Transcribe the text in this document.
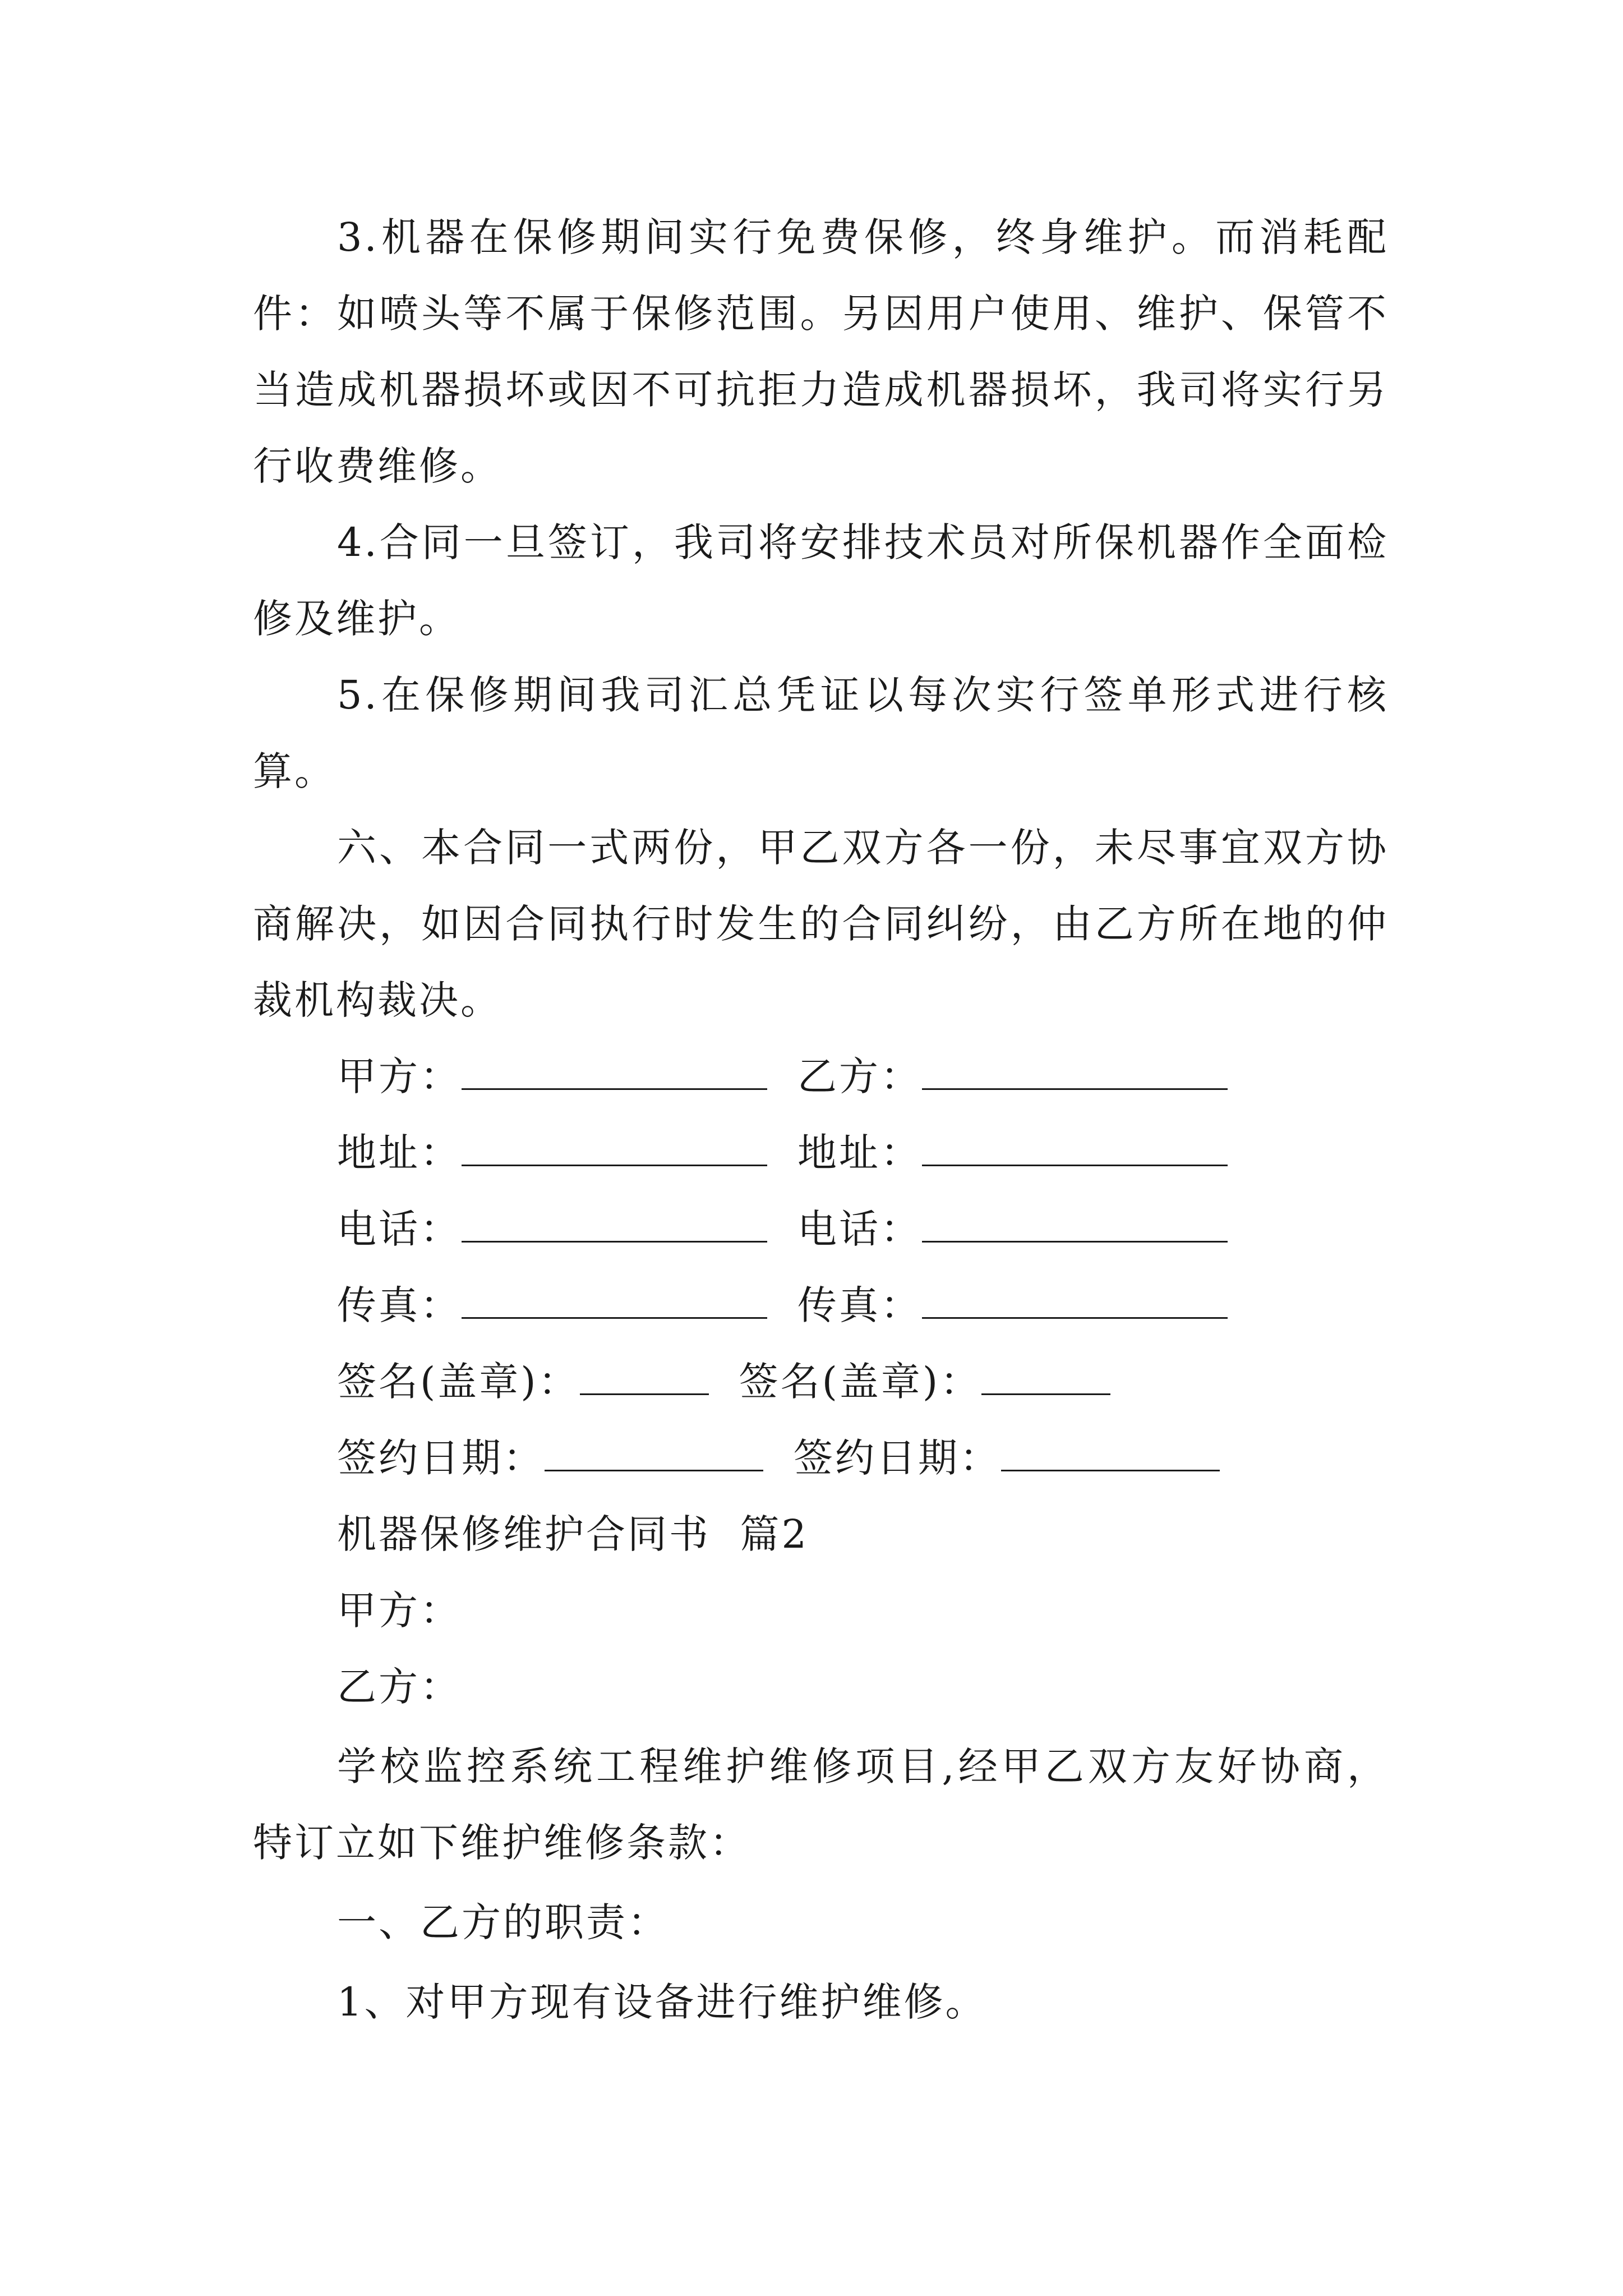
3.机器在保修期间实行免费保修，终身维护。而消耗配件：如喷头等不属于保修范围。另因用户使用、维护、保管不当造成机器损坏或因不可抗拒力造成机器损坏，我司将实行另行收费维修。

4.合同一旦签订，我司将安排技术员对所保机器作全面检修及维护。

5.在保修期间我司汇总凭证以每次实行签单形式进行核算。

六、本合同一式两份，甲乙双方各一份，未尽事宜双方协商解决，如因合同执行时发生的合同纠纷，由乙方所在地的仲裁机构裁决。

甲方：	乙方：
地址：	地址：
电话：	电话：
传真：	传真：
签名(盖章)：	签名(盖章)：
签约日期：	签约日期：

机器保修维护合同书  篇2

甲方：

乙方：

学校监控系统工程维护维修项目,经甲乙双方友好协商，特订立如下维护维修条款：

一、乙方的职责：

1、对甲方现有设备进行维护维修。
